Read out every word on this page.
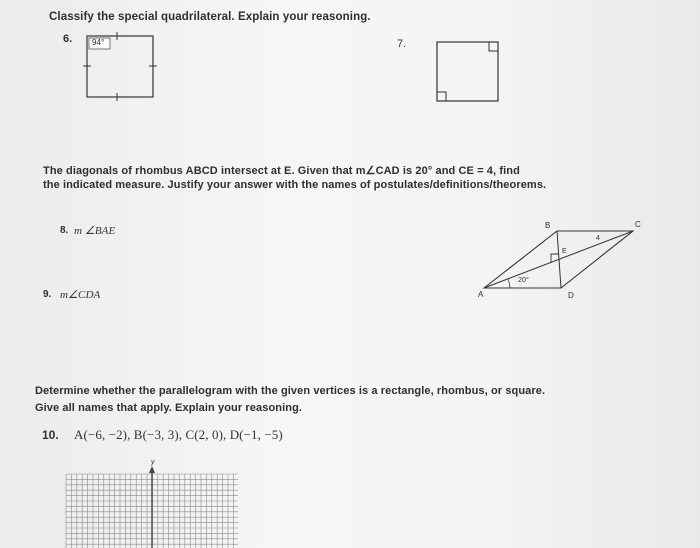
Classify the special quadrilateral. Explain your reasoning.
6.	7.
94°
The diagonals of rhombus ABCD intersect at E. Given that m∠CAD is 20° and CE = 4, find
the indicated measure. Justify your answer with the names of postulates/definitions/theorems.
8. m ∠BAE
9. m∠CDA	A
B	C
D
E
4
20°
Determine whether the parallelogram with the given vertices is a rectangle, rhombus, or square.
Give all names that apply. Explain your reasoning.
10. A(−6, −2), B(−3, 3), C(2, 0), D(−1, −5)
y
